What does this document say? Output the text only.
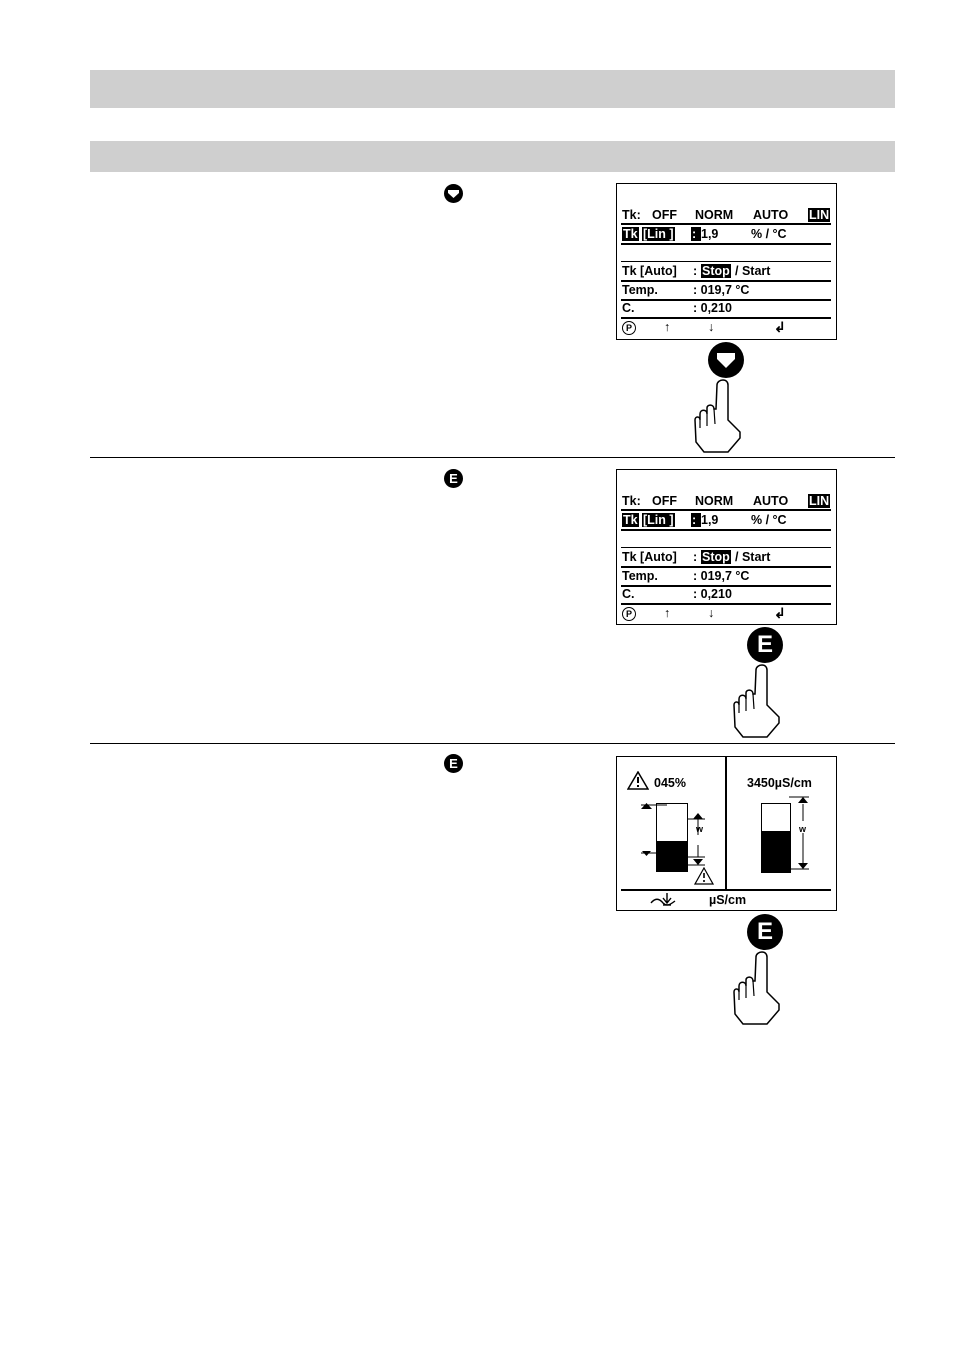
Tk: OFF NORM AUTO LIN
Tk [Lin ] : 1,9	% / °C
Tk [Auto] : Stop / Start
Temp.	: 019,7 °C
C.	: 0,210
P	↑	↓	↲
E
Tk: OFF NORM AUTO LIN
Tk [Lin ] : 1,9	% / °C
Tk [Auto] : Stop / Start
Temp.	: 019,7 °C
C.	: 0,210
P	↑	↓	↲
E
E
045%
w
3450µS/cm
w
µS/cm
E
